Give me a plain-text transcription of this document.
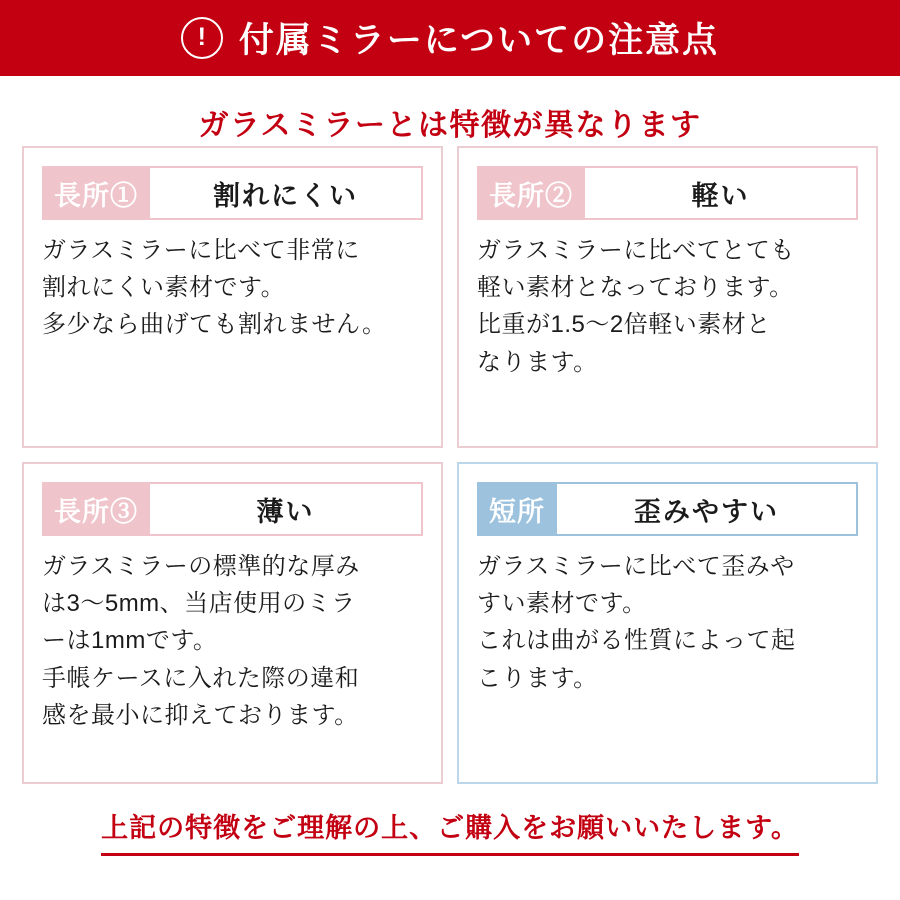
! 付属ミラーについての注意点
ガラスミラーとは特徴が異なります
長所①	割れにくい

ガラスミラーに比べて非常に

割れにくい素材です。

多少なら曲げても割れません。

長所②	軽い

ガラスミラーに比べてとても

軽い素材となっております。

比重が1.5〜2倍軽い素材と

なります。

長所③	薄い

ガラスミラーの標準的な厚み

は3〜5mm、当店使用のミラ

ーは1mmです。

手帳ケースに入れた際の違和

感を最小に抑えております。

短所	歪みやすい

ガラスミラーに比べて歪みや

すい素材です。

これは曲がる性質によって起

こります。

上記の特徴をご理解の上、ご購入をお願いいたします。
